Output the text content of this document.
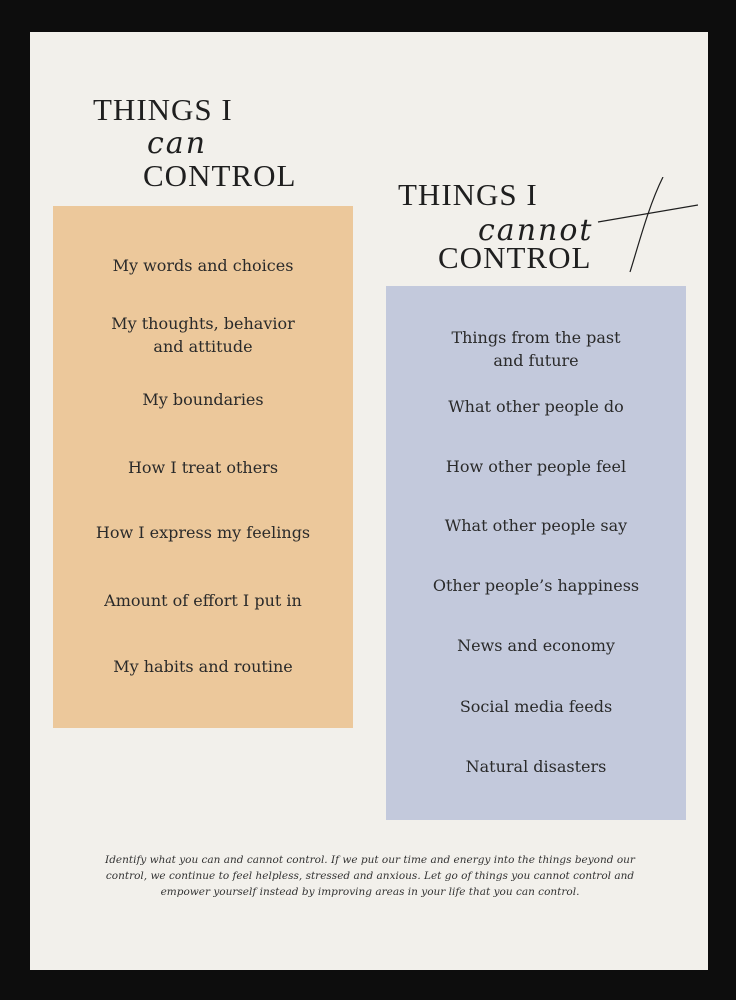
THINGS I
can
CONTROL
THINGS I
cannot
CONTROL
My words and choices
My thoughts, behavior
and attitude
My boundaries
How I treat others
How I express my feelings
Amount of effort I put in
My habits and routine
Things from the past
and future
What other people do
How other people feel
What other people say
Other people’s happiness
News and economy
Social media feeds
Natural disasters
Identify what you can and cannot control. If we put our time and energy into the things beyond our control, we continue to feel helpless, stressed and anxious. Let go of things you cannot control and empower yourself instead by improving areas in your life that you can control.
